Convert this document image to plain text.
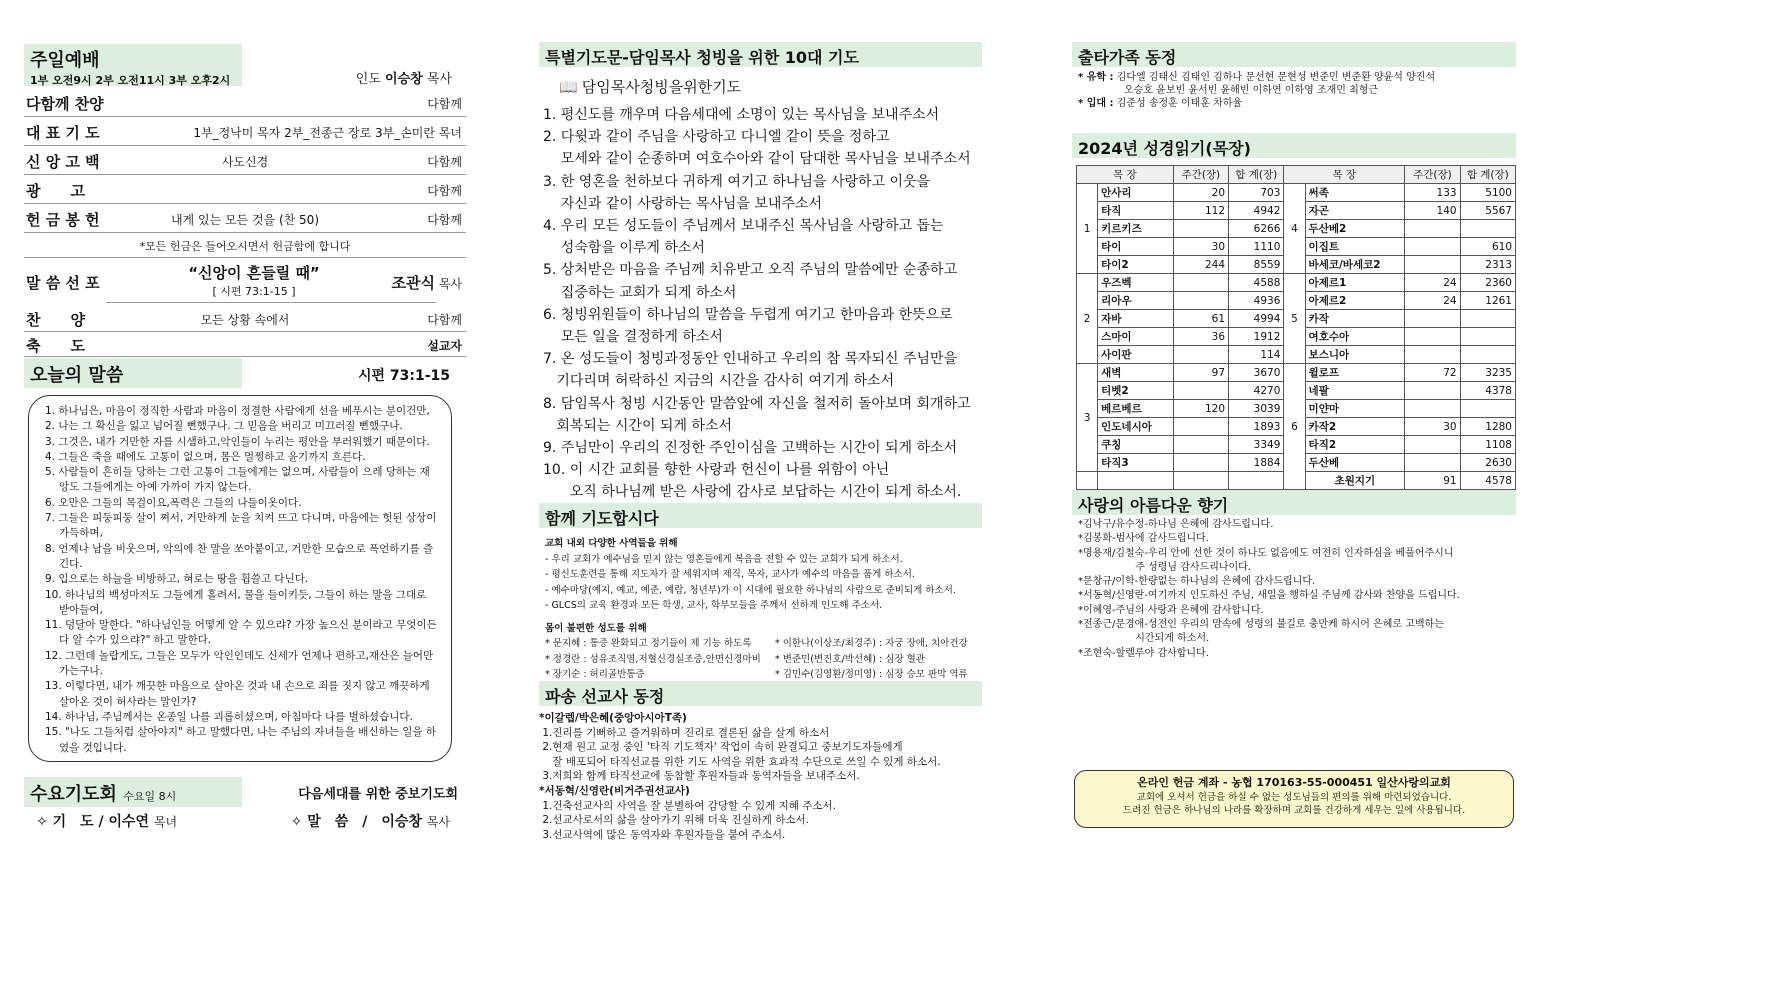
주일예배
1부 오전9시 2부 오전11시 3부 오후2시	인도 이승창 목사
다함께 찬양	다함께
대 표 기 도	1부_정낙미 목자 2부_전종근 장로 3부_손미란 목녀
신 앙 고 백	사도신경	다함께
광　　고	다함께
헌 금 봉 헌	내게 있는 모든 것을 (찬 50)	다함께
*모든 헌금은 들어오시면서 헌금함에 합니다
말 씀 선 포
“신앙이 흔들릴 때”
[ 시편 73:1-15 ]	조관식 목사
찬　　양	모든 상황 속에서	다함께
축　　도	설교자
오늘의 말씀	시편 73:1-15
1. 하나님은, 마음이 정직한 사람과 마음이 정결한 사람에게 선을 베푸시는 분이건만,
2. 나는 그 확신을 잃고 넘어질 뻔했구나. 그 믿음을 버리고 미끄러질 뻔했구나.
3. 그것은, 내가 거만한 자를 시샘하고,악인들이 누리는 평안을 부러워했기 때문이다.
4. 그들은 죽을 때에도 고통이 없으며, 몸은 멀쩡하고 윤기까지 흐른다.
5. 사람들이 흔히들 당하는 그런 고통이 그들에게는 없으며, 사람들이 으레 당하는 재앙도 그들에게는 아예 가까이 가지 않는다.
6. 오만은 그들의 목걸이요,폭력은 그들의 나들이옷이다.
7. 그들은 피둥피둥 살이 쪄서, 거만하게 눈을 치켜 뜨고 다니며, 마음에는 헛된 상상이 가득하며,
8. 언제나 남을 비웃으며, 악의에 찬 말을 쏘아붙이고, 거만한 모습으로 폭언하기를 즐긴다.
9. 입으로는 하늘을 비방하고, 혀로는 땅을 휩쓸고 다닌다.
10. 하나님의 백성마저도 그들에게 홀려서, 물을 들이키듯, 그들이 하는 말을 그대로 받아들여,
11. 덩달아 말한다. "하나님인들 어떻게 알 수 있으랴? 가장 높으신 분이라고 무엇이든 다 알 수가 있으랴?" 하고 말한다.
12. 그런데 놀랍게도, 그들은 모두가 악인인데도 신세가 언제나 편하고,재산은 늘어만 가는구나.
13. 이렇다면, 내가 깨끗한 마음으로 살아온 것과 내 손으로 죄를 짓지 않고 깨끗하게 살아온 것이 허사라는 말인가?
14. 하나님, 주님께서는 온종일 나를 괴롭히셨으며, 아침마다 나를 벌하셨습니다.
15. "나도 그들처럼 살아야지" 하고 말했다면, 나는 주님의 자녀들을 배신하는 일을 하였을 것입니다.
수요기도회 수요일 8시	다음세대를 위한 중보기도회
✧ 기　도 / 이수연 목녀	✧ 말　씀　/　이승창 목사
특별기도문-담임목사 청빙을 위한 10대 기도
📖 담임목사청빙을위한기도
1. 평신도를 깨우며 다음세대에 소명이 있는 목사님을 보내주소서
2. 다윗과 같이 주님을 사랑하고 다니엘 같이 뜻을 정하고
모세와 같이 순종하며 여호수아와 같이 담대한 목사님을 보내주소서
3. 한 영혼을 천하보다 귀하게 여기고 하나님을 사랑하고 이웃을
자신과 같이 사랑하는 목사님을 보내주소서
4. 우리 모든 성도들이 주님께서 보내주신 목사님을 사랑하고 돕는
성숙함을 이루게 하소서
5. 상처받은 마음을 주님께 치유받고 오직 주님의 말씀에만 순종하고
집중하는 교회가 되게 하소서
6. 청빙위원들이 하나님의 말씀을 두렵게 여기고 한마음과 한뜻으로
모든 일을 결정하게 하소서
7. 온 성도들이 청빙과정동안 인내하고 우리의 참 목자되신 주님만을
기다리며 허락하신 지금의 시간을 감사히 여기게 하소서
8. 담임목사 청빙 시간동안 말씀앞에 자신을 철저히 돌아보며 회개하고
회복되는 시간이 되게 하소서
9. 주님만이 우리의 진정한 주인이심을 고백하는 시간이 되게 하소서
10. 이 시간 교회를 향한 사랑과 헌신이 나를 위함이 아닌
오직 하나님께 받은 사랑에 감사로 보답하는 시간이 되게 하소서.
함께 기도합시다
교회 내외 다양한 사역들을 위해
- 우리 교회가 예수님을 믿지 않는 영혼들에게 복음을 전할 수 있는 교회가 되게 하소서.
- 평신도훈련을 통해 지도자가 잘 세워지며 제직, 목자, 교사가 예수의 마음을 품게 하소서.
- 예수마당(예지, 예교, 예준, 예람, 청년부)가 이 시대에 필요한 하나님의 사람으로 준비되게 하소서.
- GLCS의 교육 환경과 모든 학생, 교사, 학부모들을 주께서 선하게 인도해 주소서.
몸이 불편한 성도를 위해
* 문지혜 : 통증 완화되고 정기들이 제 기능 하도록	* 이한나(이상조/최경주) : 자궁 장애, 치아건강
* 정경란 : 섬유조직염,저혈신경실조증,안면신경마비	* 변준민(변진호/박선혜) : 심장 혈관
* 장기순 : 허리골반통증	* 김민수(김영환/정미영) : 심장 승모 판막 역류
파송 선교사 동정
*이갈렙/박은혜(중앙아시아T족)
1.진리를 기뻐하고 즐거워하며 진리로 결론된 삶을 살게 하소서
2.현재 원고 교정 중인 '타직 기도책자' 작업이 속히 완결되고 중보기도자들에게
잘 배포되어 타직선교를 위한 기도 사역을 위한 효과적 수단으로 쓰일 수 있게 하소서.
3.저희와 함께 타직선교에 동참할 후원자들과 동역자들을 보내주소서.
*서동혁/신영란(비거주권선교사)
1.건축선교사의 사역을 잘 분별하여 감당할 수 있게 지혜 주소서.
2.선교사로서의 삶을 살아가기 위해 더욱 진실하게 하소서.
3.선교사역에 많은 동역자와 후원자들을 붙여 주소서.
출타가족 동정
* 유학 : 김다엘 김태신 김태인 김하나 문선현 문현성 변준민 변준환 양윤석 양진석
오승호 윤보빈 윤서빈 윤해빈 이하연 이하영 조재민 최형근
* 입대 : 김준성 송정훈 이태훈 차하율
2024년 성경읽기(목장)
목 장		주간(장)	합 계(장)	목 장		주간(장)	합 계(장)
1	안사리	20	703	4	써족	133	5100
	타직	112	4942		자곤	140	5567
	키르키즈		6266		두산베2		
	타이	30	1110		이집트		610
	타이2	244	8559		바세코/바세코2		2313
2	우즈벡		4588	5	아제르1	24	2360
	리아우		4936		아제르2	24	1261
	자바	61	4994		카작		
	스마이	36	1912		여호수아		
	사이판		114		보스니아		
3	새벽	97	3670	6	윌로프	72	3235
	티벳2		4270		네팔		4378
	베르베르	120	3039		미얀마		
	인도네시아		1893		카작2	30	1280
	쿠칭		3349		타직2		1108
	타직3		1884		두산베		2630
					초원지기	91	4578
사랑의 아름다운 향기
*김낙구/유수정-하나님 은혜에 감사드립니다.
*김봉화-범사에 감사드립니다.
*명용재/김철숙-우리 안에 선한 것이 하나도 없음에도 여전히 인자하심을 베풀어주시니
주 성령님 감사드리나이다.
*문창규/이학-한량없는 하나님의 은혜에 감사드립니다.
*서동혁/신영란-여기까지 인도하신 주님, 새일을 행하실 주님께 감사와 찬양을 드립니다.
*이혜영-주님의 사랑과 은혜에 감사합니다.
*전종근/문경애-성전인 우리의 맘속에 성령의 불길로 충만케 하시어 은혜로 고백하는
시간되게 하소서.
*조현숙-할렐루야 감사합니다.
온라인 헌금 계좌 - 농협 170163-55-000451 일산사랑의교회
교회에 오셔서 헌금을 하실 수 없는 성도님들의 편의를 위해 마련되었습니다.
드려진 헌금은 하나님의 나라를 확장하며 교회를 건강하게 세우는 일에 사용됩니다.
